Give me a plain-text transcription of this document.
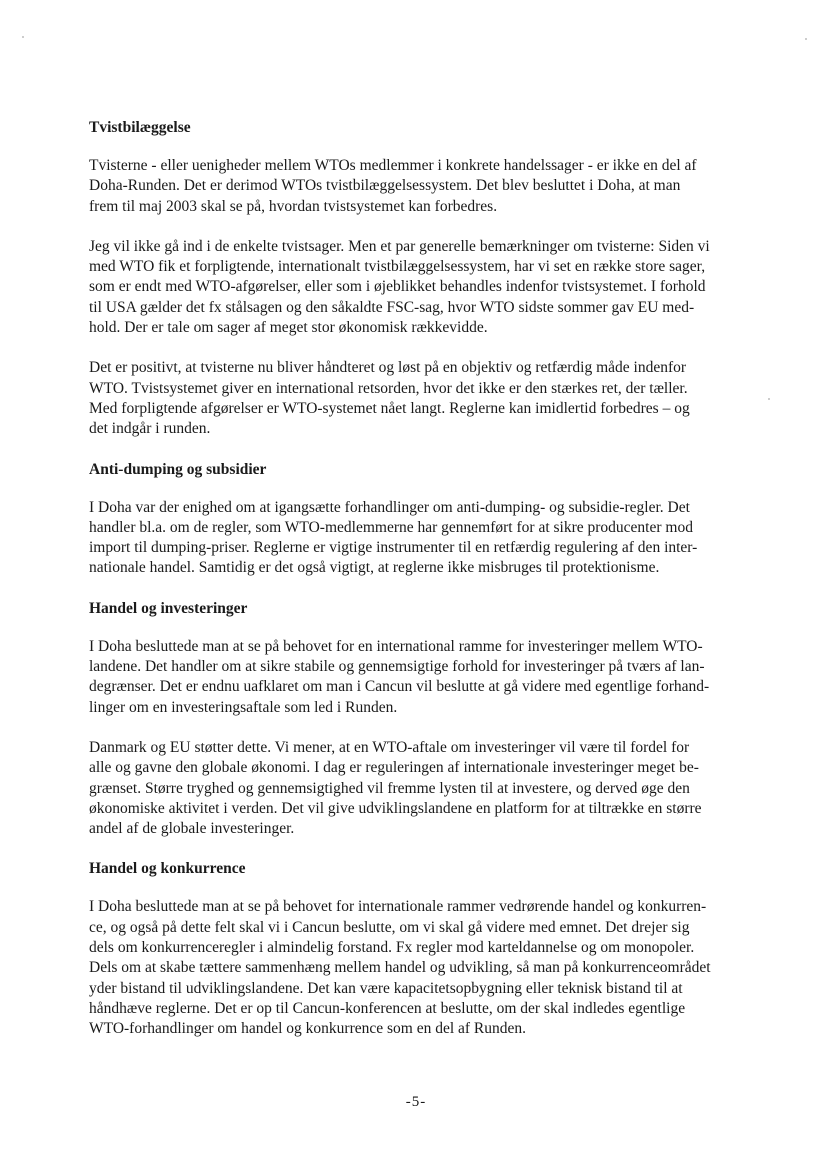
Tvistbilæggelse

Tvisterne - eller uenigheder mellem WTOs medlemmer i konkrete handelssager - er ikke en del af
Doha-Runden. Det er derimod WTOs tvistbilæggelsessystem. Det blev besluttet i Doha, at man
frem til maj 2003 skal se på, hvordan tvistsystemet kan forbedres.

Jeg vil ikke gå ind i de enkelte tvistsager. Men et par generelle bemærkninger om tvisterne: Siden vi
med WTO fik et forpligtende, internationalt tvistbilæggelsessystem, har vi set en række store sager,
som er endt med WTO-afgørelser, eller som i øjeblikket behandles indenfor tvistsystemet. I forhold
til USA gælder det fx stålsagen og den såkaldte FSC-sag, hvor WTO sidste sommer gav EU med-
hold. Der er tale om sager af meget stor økonomisk rækkevidde.

Det er positivt, at tvisterne nu bliver håndteret og løst på en objektiv og retfærdig måde indenfor
WTO. Tvistsystemet giver en international retsorden, hvor det ikke er den stærkes ret, der tæller.
Med forpligtende afgørelser er WTO-systemet nået langt. Reglerne kan imidlertid forbedres – og
det indgår i runden.

Anti-dumping og subsidier

I Doha var der enighed om at igangsætte forhandlinger om anti-dumping- og subsidie-regler. Det
handler bl.a. om de regler, som WTO-medlemmerne har gennemført for at sikre producenter mod
import til dumping-priser. Reglerne er vigtige instrumenter til en retfærdig regulering af den inter-
nationale handel. Samtidig er det også vigtigt, at reglerne ikke misbruges til protektionisme.

Handel og investeringer

I Doha besluttede man at se på behovet for en international ramme for investeringer mellem WTO-
landene. Det handler om at sikre stabile og gennemsigtige forhold for investeringer på tværs af lan-
degrænser. Det er endnu uafklaret om man i Cancun vil beslutte at gå videre med egentlige forhand-
linger om en investeringsaftale som led i Runden.

Danmark og EU støtter dette. Vi mener, at en WTO-aftale om investeringer vil være til fordel for
alle og gavne den globale økonomi. I dag er reguleringen af internationale investeringer meget be-
grænset. Større tryghed og gennemsigtighed vil fremme lysten til at investere, og derved øge den
økonomiske aktivitet i verden. Det vil give udviklingslandene en platform for at tiltrække en større
andel af de globale investeringer.

Handel og konkurrence

I Doha besluttede man at se på behovet for internationale rammer vedrørende handel og konkurren-
ce, og også på dette felt skal vi i Cancun beslutte, om vi skal gå videre med emnet. Det drejer sig
dels om konkurrenceregler i almindelig forstand. Fx regler mod karteldannelse og om monopoler.
Dels om at skabe tættere sammenhæng mellem handel og udvikling, så man på konkurrenceområdet
yder bistand til udviklingslandene. Det kan være kapacitetsopbygning eller teknisk bistand til at
håndhæve reglerne. Det er op til Cancun-konferencen at beslutte, om der skal indledes egentlige
WTO-forhandlinger om handel og konkurrence som en del af Runden.

-5-
